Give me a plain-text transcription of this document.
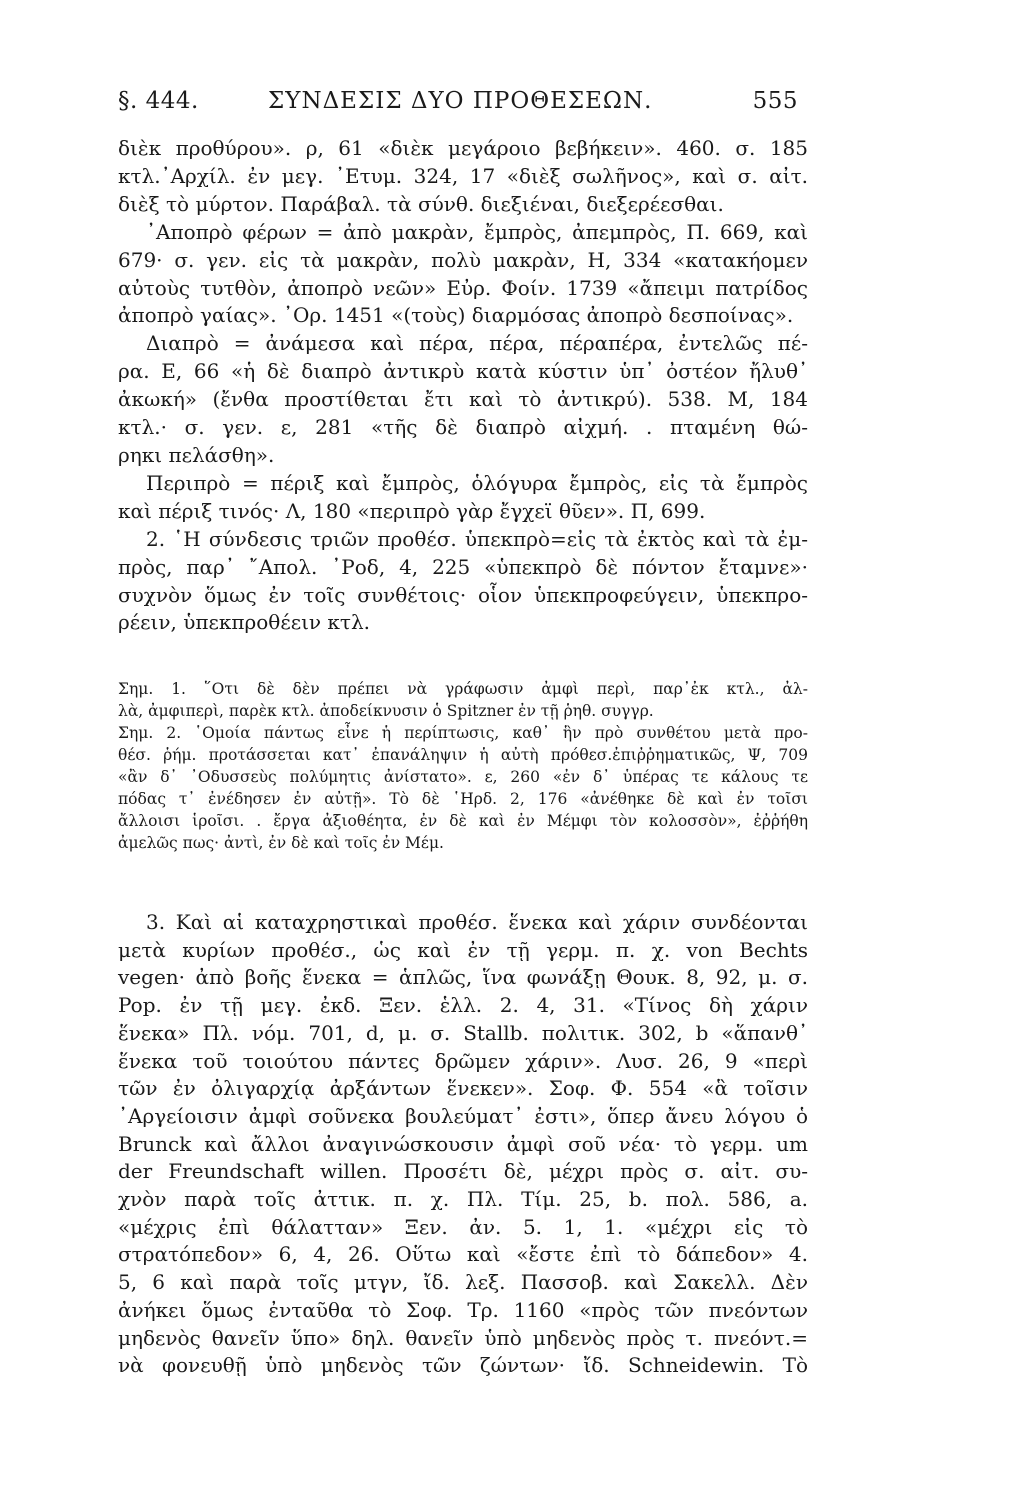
§. 444.	ΣΥΝΔΕΣΙΣ ΔΥΟ ΠΡΟΘΕΣΕΩΝ.	555
διὲκ προθύρου». ρ, 61 «διὲκ μεγάροιο βεβήκειν». 460. σ. 185
κτλ.᾿Αρχίλ. ἐν μεγ. ᾿Ετυμ. 324, 17 «διὲξ σωλῆνος», καὶ σ. αἰτ.
διὲξ τὸ μύρτον. Παράβαλ. τὰ σύνθ. διεξιέναι, διεξερέεσθαι.
᾿Αποπρὸ φέρων = ἀπὸ μακρὰν, ἔμπρὸς, ἀπεμπρὸς, Π. 669, καὶ
679· σ. γεν. εἰς τὰ μακρὰν, πολὺ μακρὰν, Η, 334 «κατακήομεν
αὐτοὺς τυτθὸν, ἀποπρὸ νεῶν» Εὐρ. Φοίν. 1739 «ἄπειμι πατρίδος
ἀποπρὸ γαίας». ᾿Ορ. 1451 «(τοὺς) διαρμόσας ἀποπρὸ δεσποίνας».
Διαπρὸ = ἀνάμεσα καὶ πέρα, πέρα, πέραπέρα, ἐντελῶς πέ-
ρα. Ε, 66 «ἡ δὲ διαπρὸ ἀντικρὺ κατὰ κύστιν ὑπ᾿ ὀστέον ἤλυθ᾿
ἀκωκή» (ἔνθα προστίθεται ἔτι καὶ τὸ ἀντικρύ). 538. Μ, 184
κτλ.· σ. γεν. ε, 281 «τῆς δὲ διαπρὸ αἰχμή. . πταμένη θώ-
ρηκι πελάσθη».
Περιπρὸ = πέριξ καὶ ἔμπρὸς, ὁλόγυρα ἔμπρὸς, εἰς τὰ ἔμπρὸς
καὶ πέριξ τινός· Λ, 180 «περιπρὸ γὰρ ἔγχεϊ θῦεν». Π, 699.
2. ῾Η σύνδεσις τριῶν προθέσ. ὑπεκπρὸ=εἰς τὰ ἐκτὸς καὶ τὰ ἐμ-
πρὸς, παρ᾿ ῎Απολ. ᾿Ροδ, 4, 225 «ὑπεκπρὸ δὲ πόντον ἔταμνε»·
συχνὸν ὅμως ἐν τοῖς συνθέτοις· οἷον ὑπεκπροφεύγειν, ὑπεκπρο-
ρέειν, ὑπεκπροθέειν κτλ.
Σημ. 1. ῞Οτι δὲ δὲν πρέπει νὰ γράφωσιν ἀμφὶ περὶ, παρ᾿ἐκ κτλ., ἀλ-
λὰ, ἀμφιπερὶ, παρὲκ κτλ. ἀποδείκνυσιν ὁ Spitzner ἐν τῇ ῥηθ. συγγρ.
Σημ. 2. ῾Ομοία πάντως εἶνε ἡ περίπτωσις, καθ᾿ ἣν πρὸ συνθέτου μετὰ προ-
θέσ. ῥήμ. προτάσσεται κατ᾿ ἐπανάληψιν ἡ αὐτὴ πρόθεσ.ἐπιῤῥηματικῶς, Ψ, 709
«ἂν δ᾿ ᾿Οδυσσεὺς πολύμητις ἀνίστατο». ε, 260 «ἐν δ᾿ ὑπέρας τε κάλους τε
πόδας τ᾿ ἐνέδησεν ἐν αὐτῇ». Τὸ δὲ ῾Ηρδ. 2, 176 «ἀνέθηκε δὲ καὶ ἐν τοῖσι
ἄλλοισι ἱροῖσι. . ἔργα ἀξιοθέητα, ἐν δὲ καὶ ἐν Μέμφι τὸν κολοσσὸν», ἐῤῥήθη
ἀμελῶς πως· ἀντὶ, ἐν δὲ καὶ τοῖς ἐν Μέμ.
3. Καὶ αἱ καταχρηστικαὶ προθέσ. ἕνεκα καὶ χάριν συνδέονται
μετὰ κυρίων προθέσ., ὡς καὶ ἐν τῇ γερμ. π. χ. von Bechts
vegen· ἀπὸ βοῆς ἕνεκα = ἁπλῶς, ἵνα φωνάξῃ Θουκ. 8, 92, μ. σ.
Pop. ἐν τῇ μεγ. ἐκδ. Ξεν. ἑλλ. 2. 4, 31. «Τίνος δὴ χάριν
ἕνεκα» Πλ. νόμ. 701, d, μ. σ. Stallb. πολιτικ. 302, b «ἅπανθ᾿
ἕνεκα τοῦ τοιούτου πάντες δρῶμεν χάριν». Λυσ. 26, 9 «περὶ
τῶν ἐν ὀλιγαρχίᾳ ἀρξάντων ἕνεκεν». Σοφ. Φ. 554 «ἃ τοῖσιν
᾿Αργείοισιν ἀμφὶ σοῦνεκα βουλεύματ᾿ ἐστι», ὅπερ ἄνευ λόγου ὁ
Brunck καὶ ἄλλοι ἀναγινώσκουσιν ἀμφὶ σοῦ νέα· τὸ γερμ. um
der Freundschaft willen. Προσέτι δὲ, μέχρι πρὸς σ. αἰτ. συ-
χνὸν παρὰ τοῖς ἀττικ. π. χ. Πλ. Τίμ. 25, b. πολ. 586, a.
«μέχρις ἐπὶ θάλατταν» Ξεν. ἀν. 5. 1, 1. «μέχρι εἰς τὸ
στρατόπεδον» 6, 4, 26. Οὕτω καὶ «ἔστε ἐπὶ τὸ δάπεδον» 4.
5, 6 καὶ παρὰ τοῖς μτγν, ἴδ. λεξ. Πασσοβ. καὶ Σακελλ. Δὲν
ἀνήκει ὅμως ἐνταῦθα τὸ Σοφ. Τρ. 1160 «πρὸς τῶν πνεόντων
μηδενὸς θανεῖν ὕπο» δηλ. θανεῖν ὑπὸ μηδενὸς πρὸς τ. πνεόντ.=
νὰ φονευθῇ ὑπὸ μηδενὸς τῶν ζώντων· ἴδ. Schneidewin. Τὸ
